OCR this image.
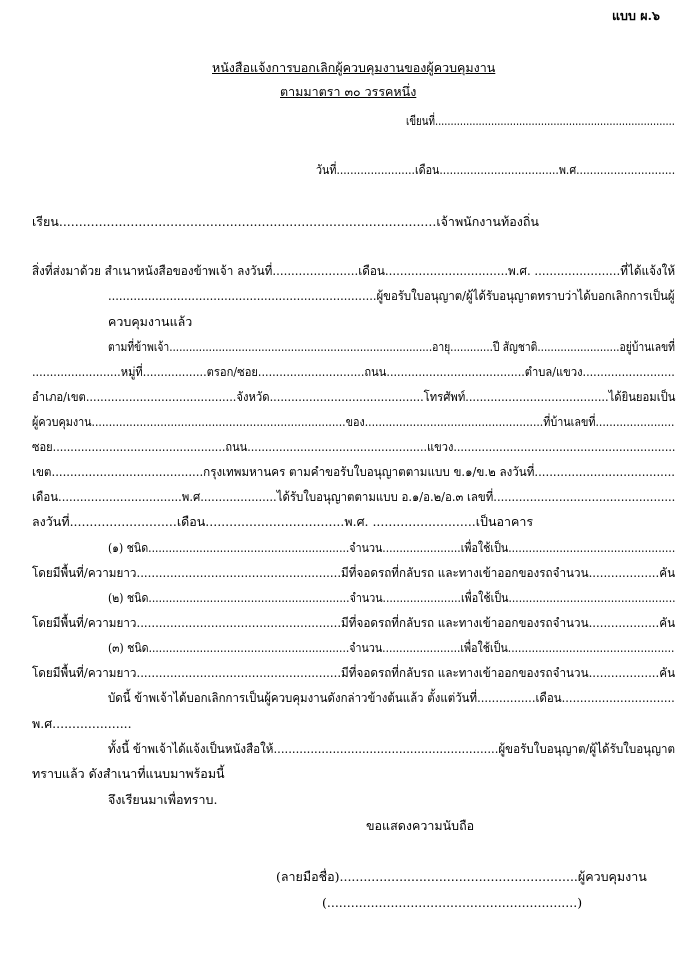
แบบ ผ.๖
หนังสือแจ้งการบอกเลิกผู้ควบคุมงานของผู้ควบคุมงาน
ตามมาตรา ๓๐ วรรคหนึ่ง
เขียนที่.............................................................................
วันที่.......................เดือน...................................พ.ศ.............................
เรียน...............................................................................................เจ้าพนักงานท้องถิ่น
สิ่งที่ส่งมาด้วย สำเนาหนังสือของข้าพเจ้า ลงวันที่.......................เดือน.................................พ.ศ. .......................ที่ได้แจ้งให้
..........................................................................ผู้ขอรับใบอนุญาต/ผู้ได้รับอนุญาตทราบว่าได้บอกเลิกการเป็นผู้
ควบคุมงานแล้ว
ตามที่ข้าพเจ้า................................................................................อายุ.............ปี สัญชาติ.........................อยู่บ้านเลขที่
.........................หมู่ที่..................ตรอก/ซอย..............................ถนน.......................................ตำบล/แขวง..........................
อำเภอ/เขต..........................................จังหวัด...........................................โทรศัพท์........................................ได้ยินยอมเป็น
ผู้ควบคุมงาน..........................................................................ของ....................................................ที่บ้านเลขที่.......................
ซอย.................................................ถนน...................................................แขวง...............................................................
เขต.........................................กรุงเทพมหานคร ตามคำขอรับใบอนุญาตตามแบบ ข.๑/ข.๒ ลงวันที่......................................
เดือน..................................พ.ศ.....................ได้รับใบอนุญาตตามแบบ อ.๑/อ.๒/อ.๓ เลขที่..................................................
ลงวันที่...........................เดือน...................................พ.ศ. ..........................เป็นอาคาร
(๑) ชนิด...........................................................จำนวน.......................เพื่อใช้เป็น.................................................
โดยมีพื้นที่/ความยาว.......................................................มีที่จอดรถที่กลับรถ และทางเข้าออกของรถจำนวน...................คัน
(๒) ชนิด...........................................................จำนวน.......................เพื่อใช้เป็น.................................................
โดยมีพื้นที่/ความยาว.......................................................มีที่จอดรถที่กลับรถ และทางเข้าออกของรถจำนวน...................คัน
(๓) ชนิด...........................................................จำนวน.......................เพื่อใช้เป็น.................................................
โดยมีพื้นที่/ความยาว.......................................................มีที่จอดรถที่กลับรถ และทางเข้าออกของรถจำนวน...................คัน
บัดนี้ ข้าพเจ้าได้บอกเลิกการเป็นผู้ควบคุมงานดังกล่าวข้างต้นแล้ว ตั้งแต่วันที่................เดือน...............................
พ.ศ....................
ทั้งนี้ ข้าพเจ้าได้แจ้งเป็นหนังสือให้.............................................................ผู้ขอรับใบอนุญาต/ผู้ได้รับใบอนุญาต
ทราบแล้ว ดังสำเนาที่แนบมาพร้อมนี้
จึงเรียนมาเพื่อทราบ.
ขอแสดงความนับถือ
(ลายมือชื่อ)............................................................ผู้ควบคุมงาน
(...............................................................)
